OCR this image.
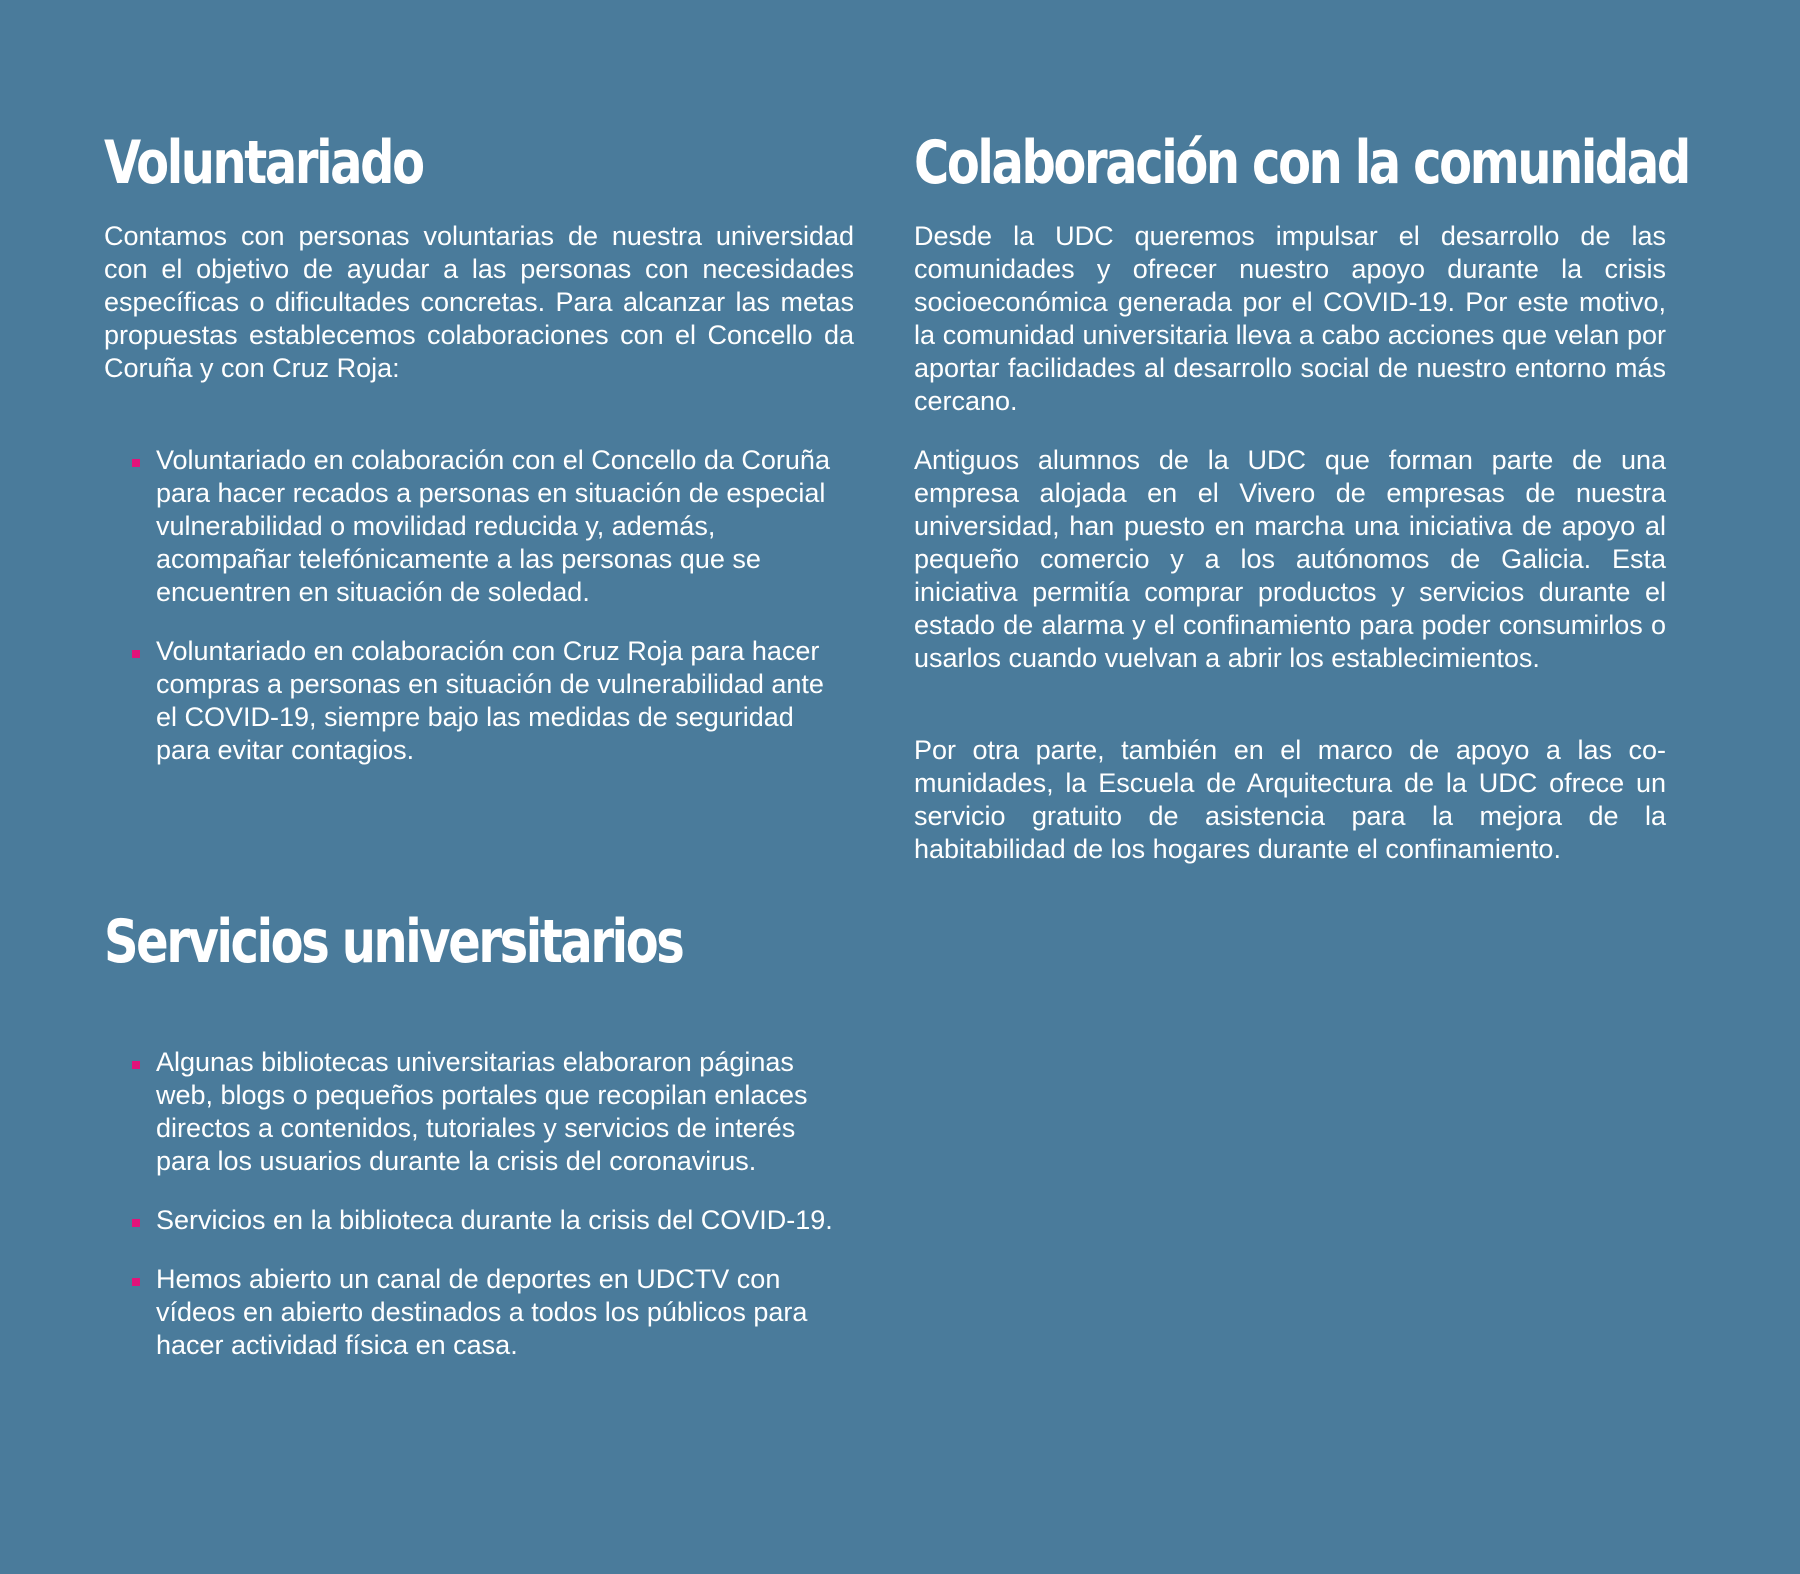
Voluntariado

Contamos con personas voluntarias de nuestra universidad con el objetivo de ayudar a las personas con necesidades específicas o dificultades concretas. Para alcanzar las metas propuestas establecemos colaboraciones con el Concello da Coruña y con Cruz Roja:

Voluntariado en colaboración con el Concello da Coruña para hacer recados a personas en situación de especial vulnerabilidad o movilidad reducida y, además, acompañar telefónicamente a las personas que se encuentren en situación de soledad.
Voluntariado en colaboración con Cruz Roja para hacer compras a personas en situación de vulnerabilidad ante el COVID-19, siempre bajo las medidas de seguridad para evitar contagios.
Servicios universitarios
Algunas bibliotecas universitarias elaboraron páginas web, blogs o pequeños portales que recopilan enlaces directos a contenidos, tutoriales y servicios de interés para los usuarios durante la crisis del coronavirus.
Servicios en la biblioteca durante la crisis del COVID-19.
Hemos abierto un canal de deportes en UDCTV con vídeos en abierto destinados a todos los públicos para hacer actividad física en casa.
Colaboración con la comunidad

Desde la UDC queremos impulsar el desarrollo de las comunidades y ofrecer nuestro apoyo durante la crisis socioeconómica generada por el COVID-19. Por este motivo, la comunidad universitaria lleva a cabo acciones que velan por aportar facilidades al desarrollo social de nuestro entorno más cercano.

Antiguos alumnos de la UDC que forman parte de una empresa alojada en el Vivero de empresas de nuestra universidad, han puesto en marcha una iniciativa de apoyo al pequeño comercio y a los autónomos de Galicia. Esta iniciativa permitía comprar productos y servicios durante el estado de alarma y el confinamiento para poder consumirlos o usarlos cuando vuelvan a abrir los establecimientos.

Por otra parte, también en el marco de apoyo a las comunidades, la Escuela de Arquitectura de la UDC ofrece un servicio gratuito de asistencia para la mejora de la habitabilidad de los hogares durante el confinamiento.
